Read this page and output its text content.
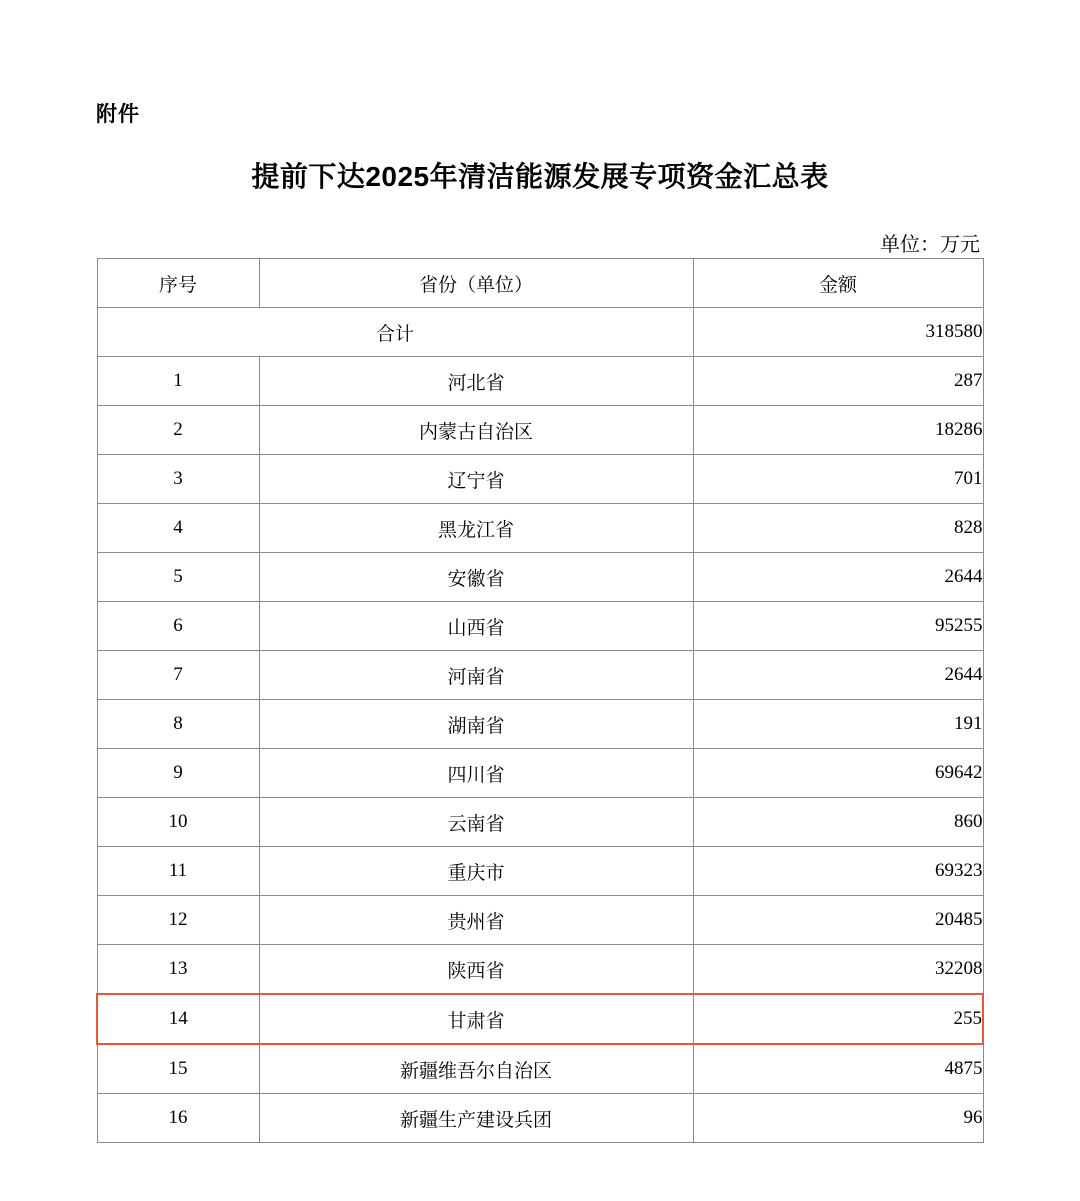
附件
提前下达2025年清洁能源发展专项资金汇总表
单位：万元
序号	省份（单位）	金额
合计		318580
1	河北省	287
2	内蒙古自治区	18286
3	辽宁省	701
4	黑龙江省	828
5	安徽省	2644
6	山西省	95255
7	河南省	2644
8	湖南省	191
9	四川省	69642
10	云南省	860
11	重庆市	69323
12	贵州省	20485
13	陕西省	32208
14	甘肃省	255
15	新疆维吾尔自治区	4875
16	新疆生产建设兵团	96
